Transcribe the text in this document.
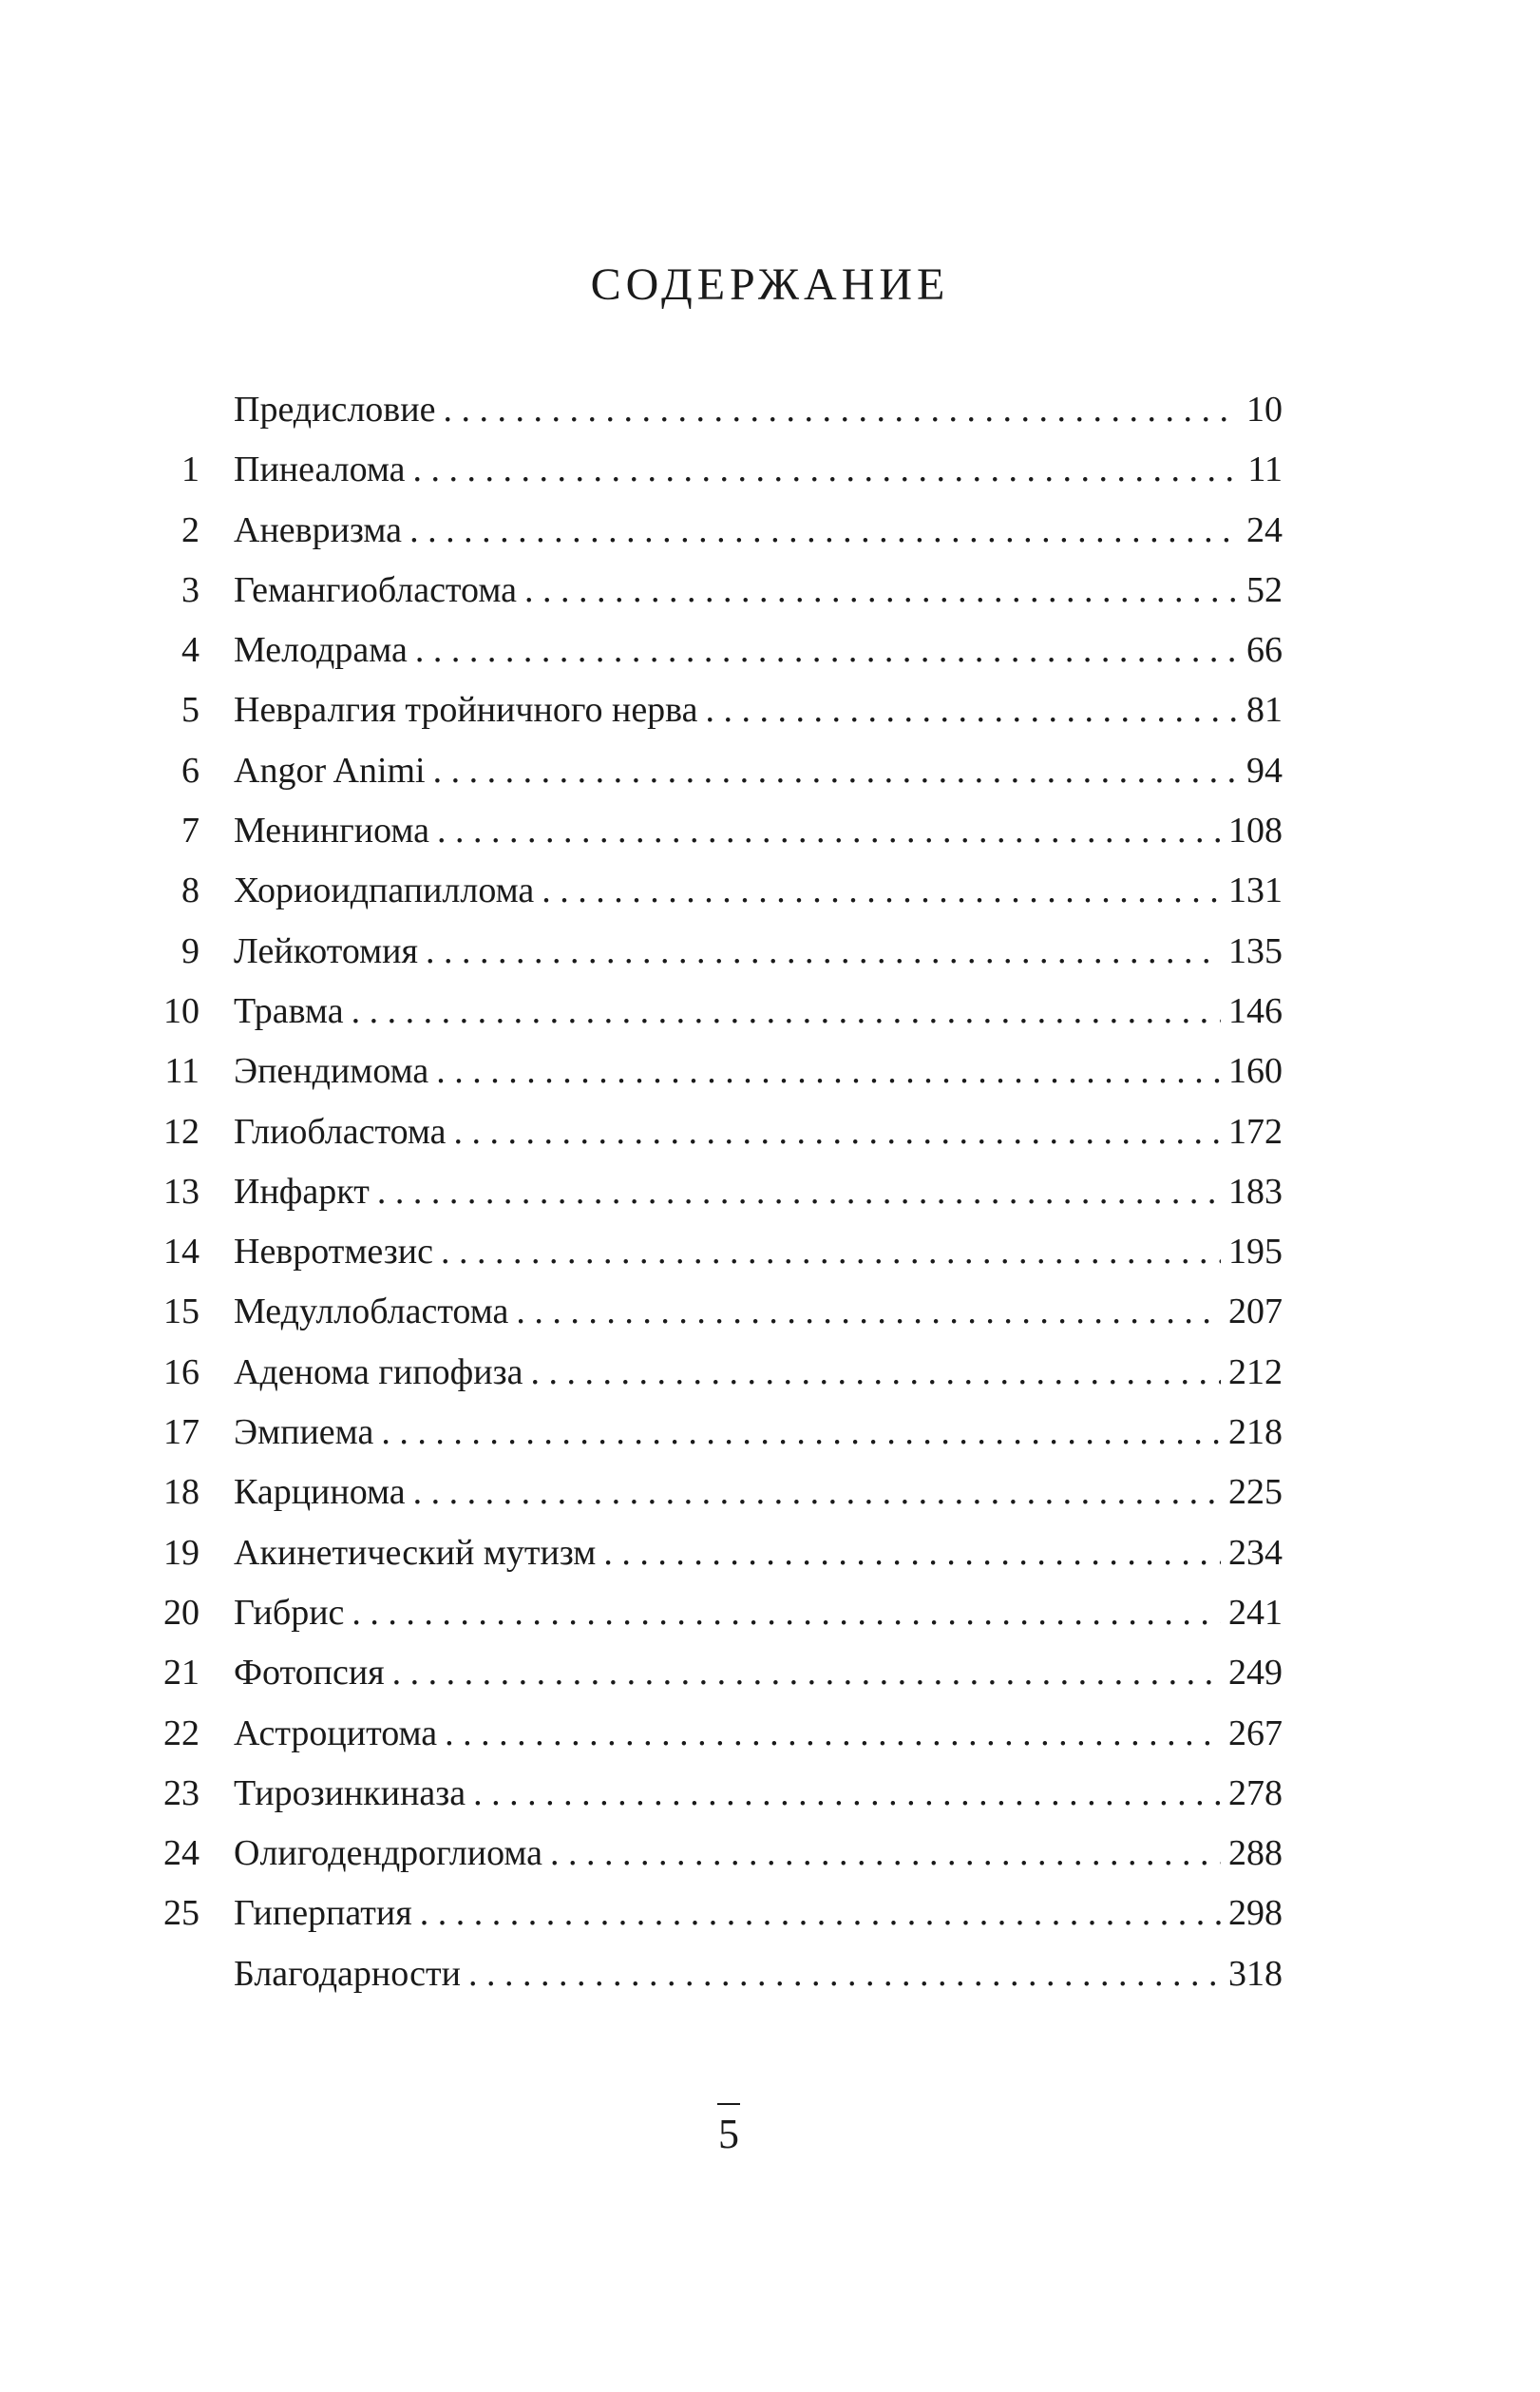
СОДЕРЖАНИЕ
Предисловие . . .	10
1 Пинеалома . . .	11
2 Аневризма . . .	24
3 Гемангиобластома . . .	52
4 Мелодрама . . .	66
5 Невралгия тройничного нерва . . .	81
6 Angor Animi . . .	94
7 Менингиома . . .	108
8 Хориоидпапиллома . . .	131
9 Лейкотомия . . .	135
10 Травма . . .	146
11 Эпендимома . . .	160
12 Глиобластома . . .	172
13 Инфаркт . . .	183
14 Невротмезис . . .	195
15 Медуллобластома . . .	207
16 Аденома гипофиза . . .	212
17 Эмпиема . . .	218
18 Карцинома . . .	225
19 Акинетический мутизм . . .	234
20 Гибрис . . .	241
21 Фотопсия . . .	249
22 Астроцитома . . .	267
23 Тирозинкиназа . . .	278
24 Олигодендроглиома . . .	288
25 Гиперпатия . . .	298
Благодарности . . .	318
5
